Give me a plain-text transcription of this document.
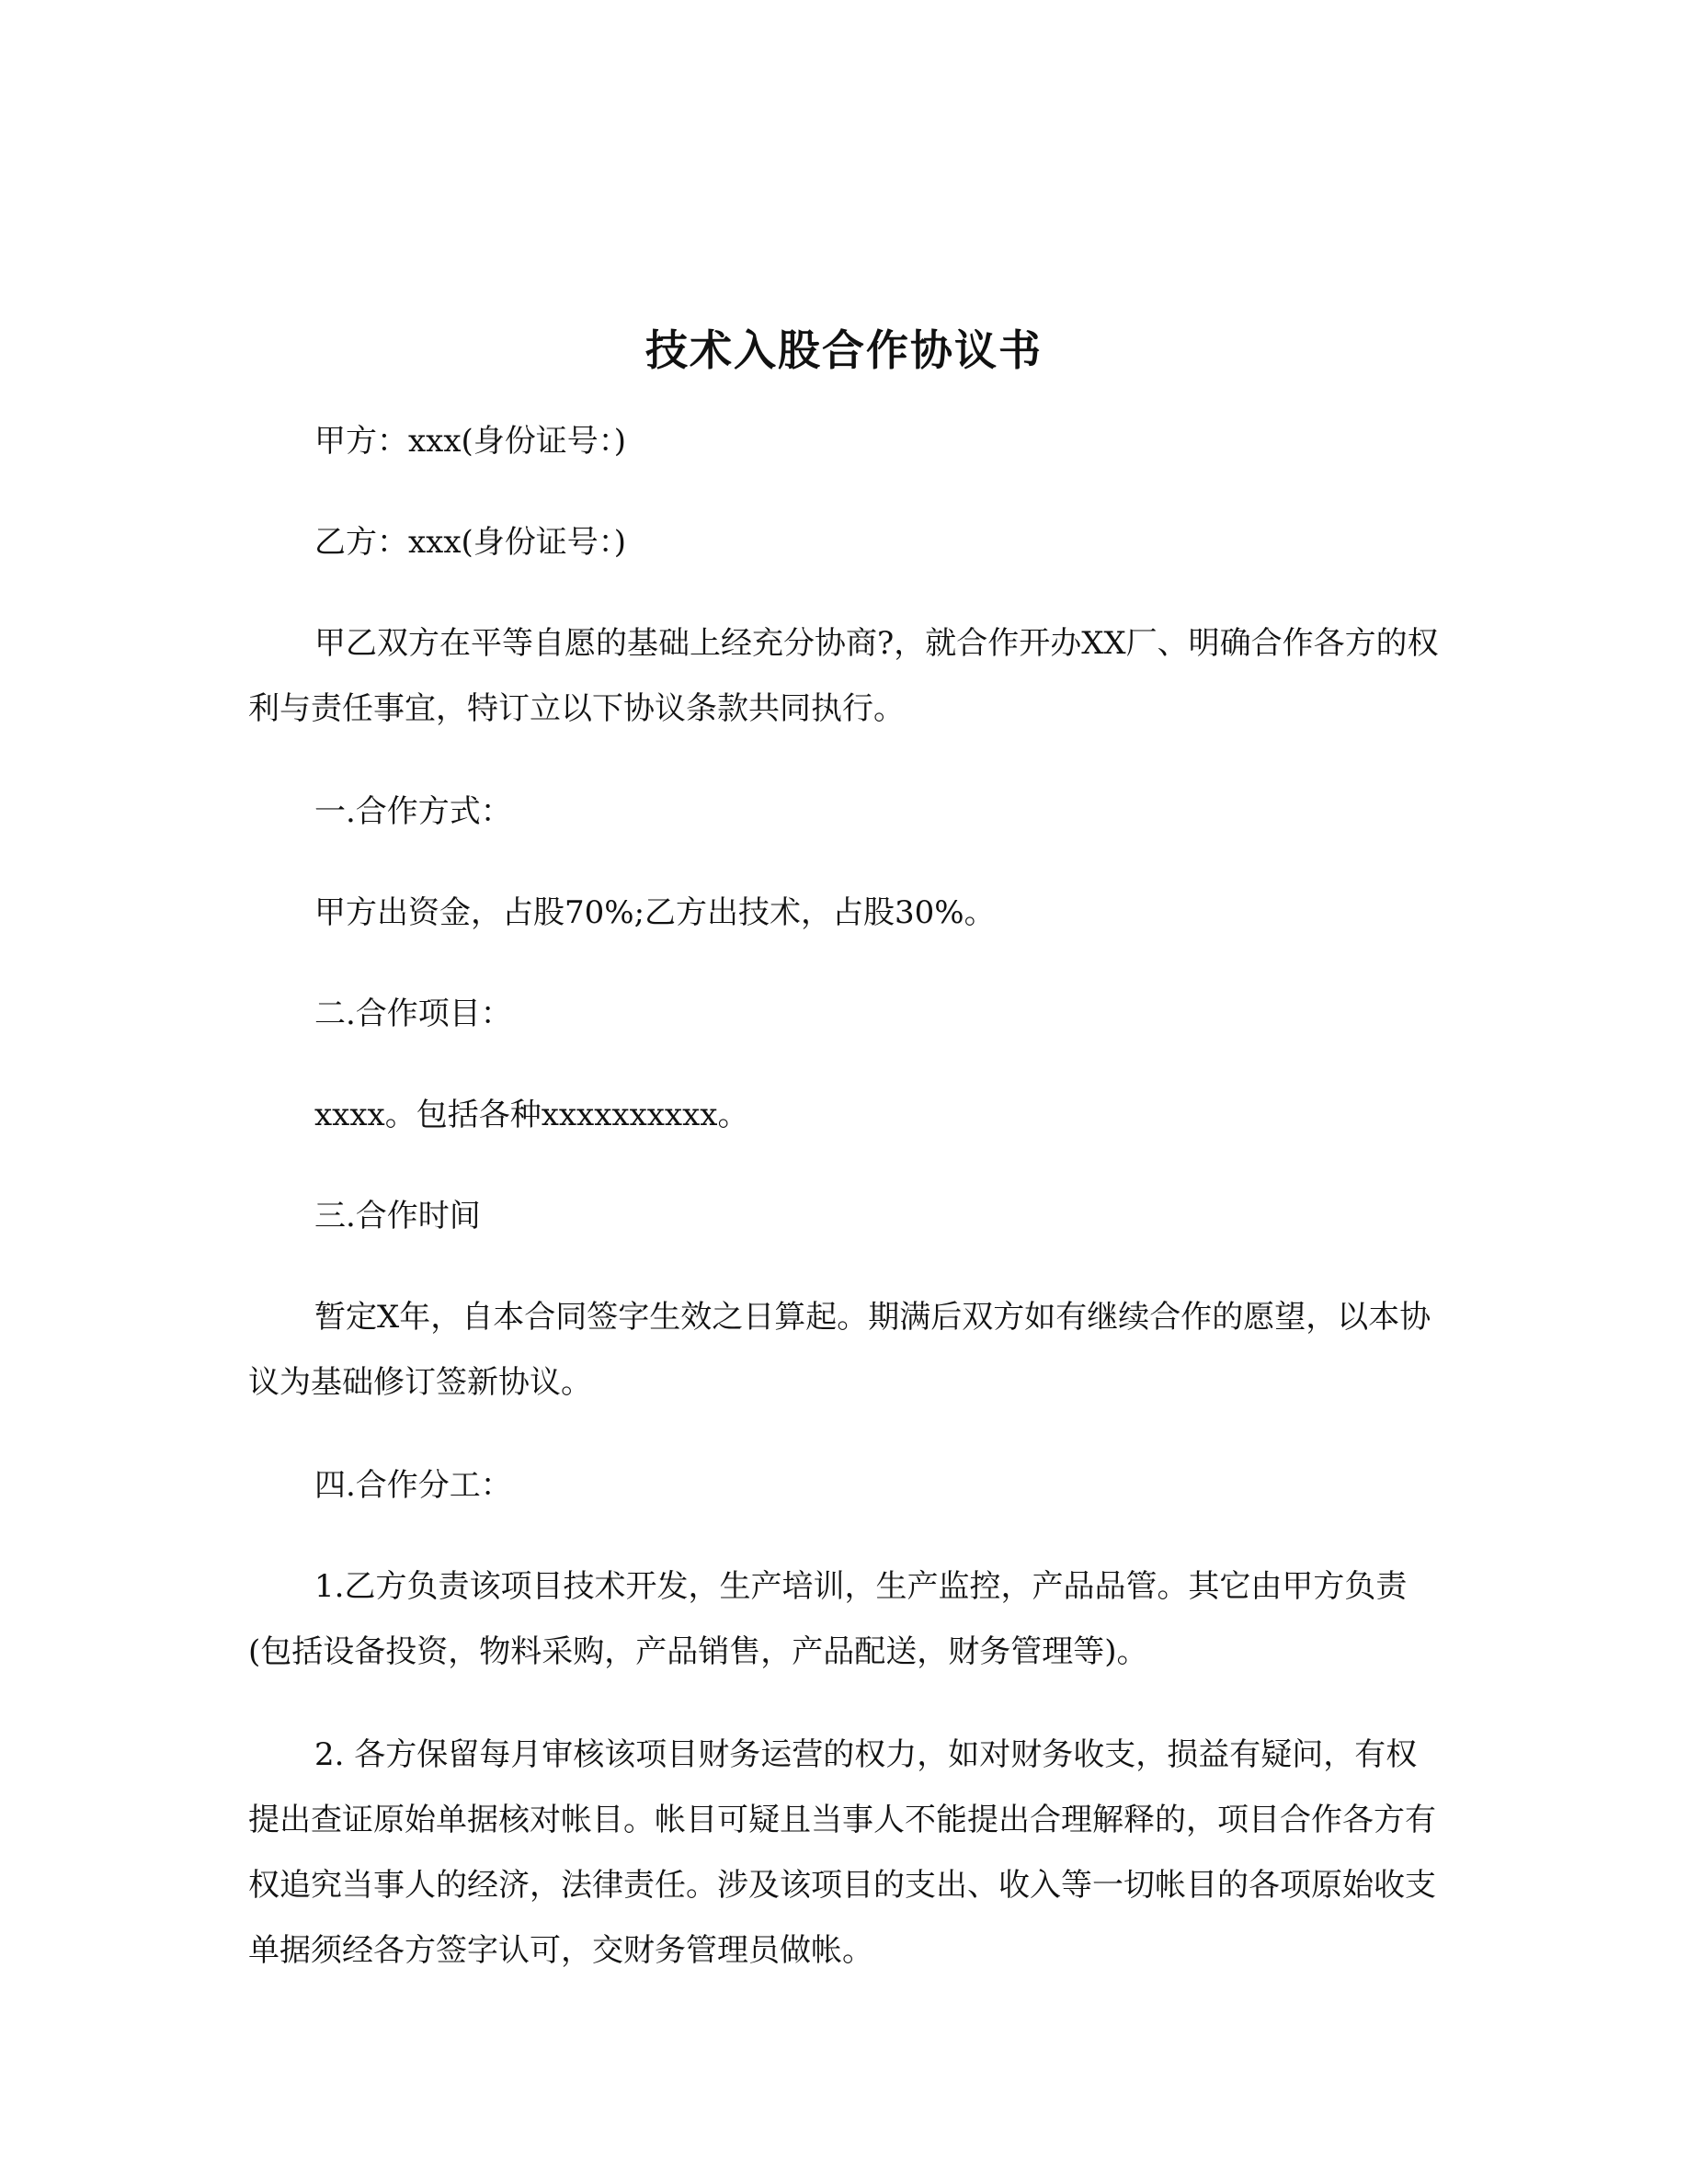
技术入股合作协议书

甲方：xxx(身份证号：)

乙方：xxx(身份证号：)

甲乙双方在平等自愿的基础上经充分协商?，就合作开办XX厂、明确合作各方的权利与责任事宜，特订立以下协议条款共同执行。

一.合作方式：

甲方出资金，占股70%;乙方出技术，占股30%。

二.合作项目：

xxxx。包括各种xxxxxxxxxx。

三.合作时间

暂定X年，自本合同签字生效之日算起。期满后双方如有继续合作的愿望，以本协议为基础修订签新协议。

四.合作分工：

1.乙方负责该项目技术开发，生产培训，生产监控，产品品管。其它由甲方负责(包括设备投资，物料采购，产品销售，产品配送，财务管理等)。

2. 各方保留每月审核该项目财务运营的权力，如对财务收支，损益有疑问，有权提出查证原始单据核对帐目。帐目可疑且当事人不能提出合理解释的，项目合作各方有权追究当事人的经济，法律责任。涉及该项目的支出、收入等一切帐目的各项原始收支单据须经各方签字认可，交财务管理员做帐。
